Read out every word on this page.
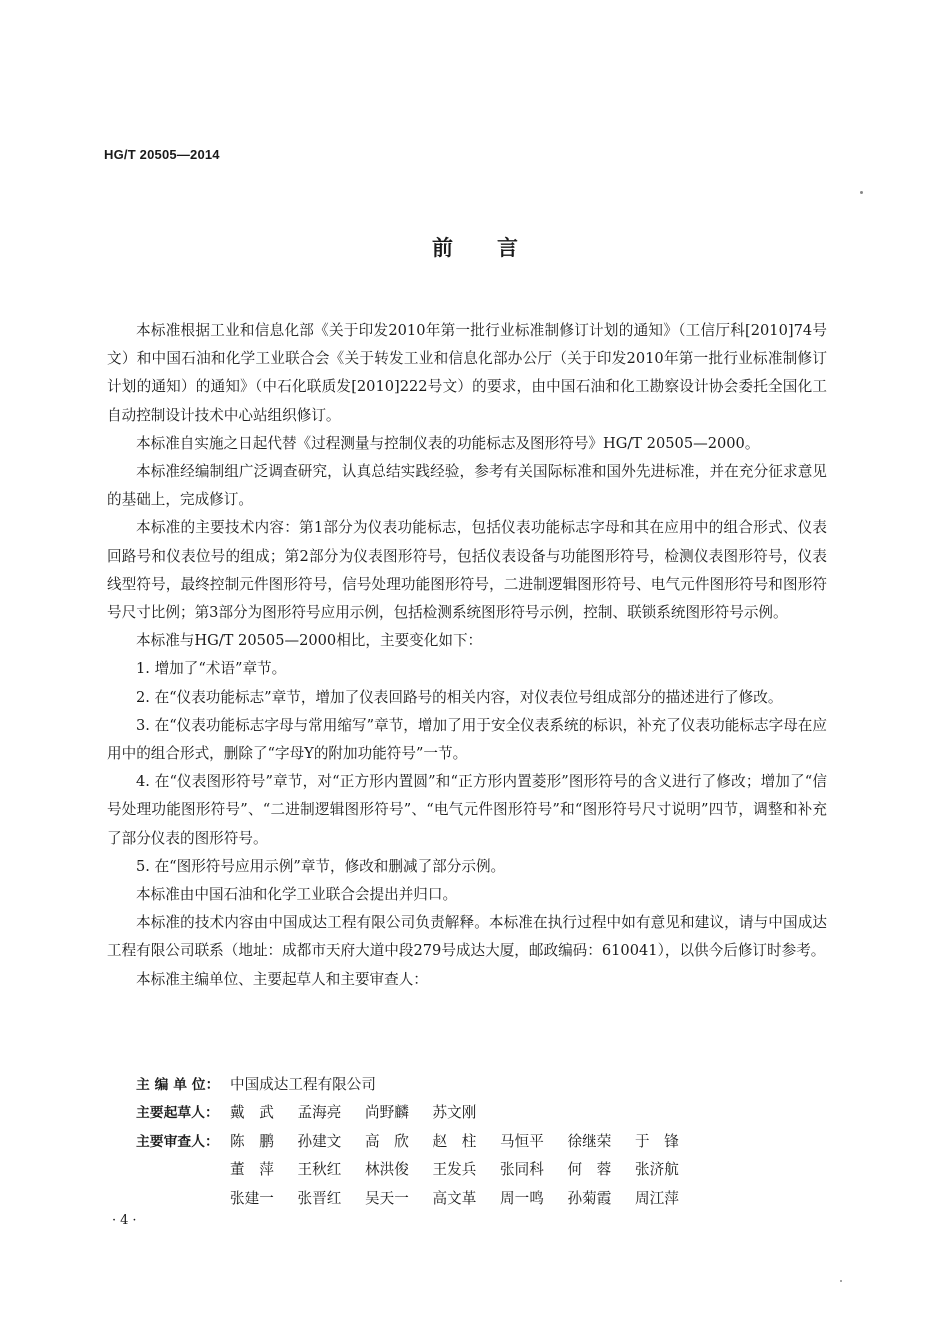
HG/T 20505—2014
前 言

本标准根据工业和信息化部《关于印发2010年第一批行业标准制修订计划的通知》（工信厅科[2010]74号文）和中国石油和化学工业联合会《关于转发工业和信息化部办公厅（关于印发2010年第一批行业标准制修订计划的通知）的通知》（中石化联质发[2010]222号文）的要求，由中国石油和化工勘察设计协会委托全国化工自动控制设计技术中心站组织修订。

本标准自实施之日起代替《过程测量与控制仪表的功能标志及图形符号》HG/T 20505—2000。

本标准经编制组广泛调查研究，认真总结实践经验，参考有关国际标准和国外先进标准，并在充分征求意见的基础上，完成修订。

本标准的主要技术内容：第1部分为仪表功能标志，包括仪表功能标志字母和其在应用中的组合形式、仪表回路号和仪表位号的组成；第2部分为仪表图形符号，包括仪表设备与功能图形符号，检测仪表图形符号，仪表线型符号，最终控制元件图形符号，信号处理功能图形符号，二进制逻辑图形符号、电气元件图形符号和图形符号尺寸比例；第3部分为图形符号应用示例，包括检测系统图形符号示例，控制、联锁系统图形符号示例。

本标准与HG/T 20505—2000相比，主要变化如下：

1. 增加了“术语”章节。

2. 在“仪表功能标志”章节，增加了仪表回路号的相关内容，对仪表位号组成部分的描述进行了修改。

3. 在“仪表功能标志字母与常用缩写”章节，增加了用于安全仪表系统的标识，补充了仪表功能标志字母在应用中的组合形式，删除了“字母Y的附加功能符号”一节。

4. 在“仪表图形符号”章节，对“正方形内置圆”和“正方形内置菱形”图形符号的含义进行了修改；增加了“信号处理功能图形符号”、“二进制逻辑图形符号”、“电气元件图形符号”和“图形符号尺寸说明”四节，调整和补充了部分仪表的图形符号。

5. 在“图形符号应用示例”章节，修改和删减了部分示例。

本标准由中国石油和化学工业联合会提出并归口。

本标准的技术内容由中国成达工程有限公司负责解释。本标准在执行过程中如有意见和建议，请与中国成达工程有限公司联系（地址：成都市天府大道中段279号成达大厦，邮政编码：610041），以供今后修订时参考。

本标准主编单位、主要起草人和主要审查人：

主 编 单 位： 中国成达工程有限公司
主要起草人： 戴　武	孟海亮	尚野麟	苏文刚
主要审查人： 陈　鹏	孙建文	高　欣	赵　柱	马恒平	徐继荣	于　锋
董　萍	王秋红	林洪俊	王发兵	张同科	何　蓉	张济航
张建一	张晋红	吴天一	高文革	周一鸣	孙菊霞	周江萍
·4·
